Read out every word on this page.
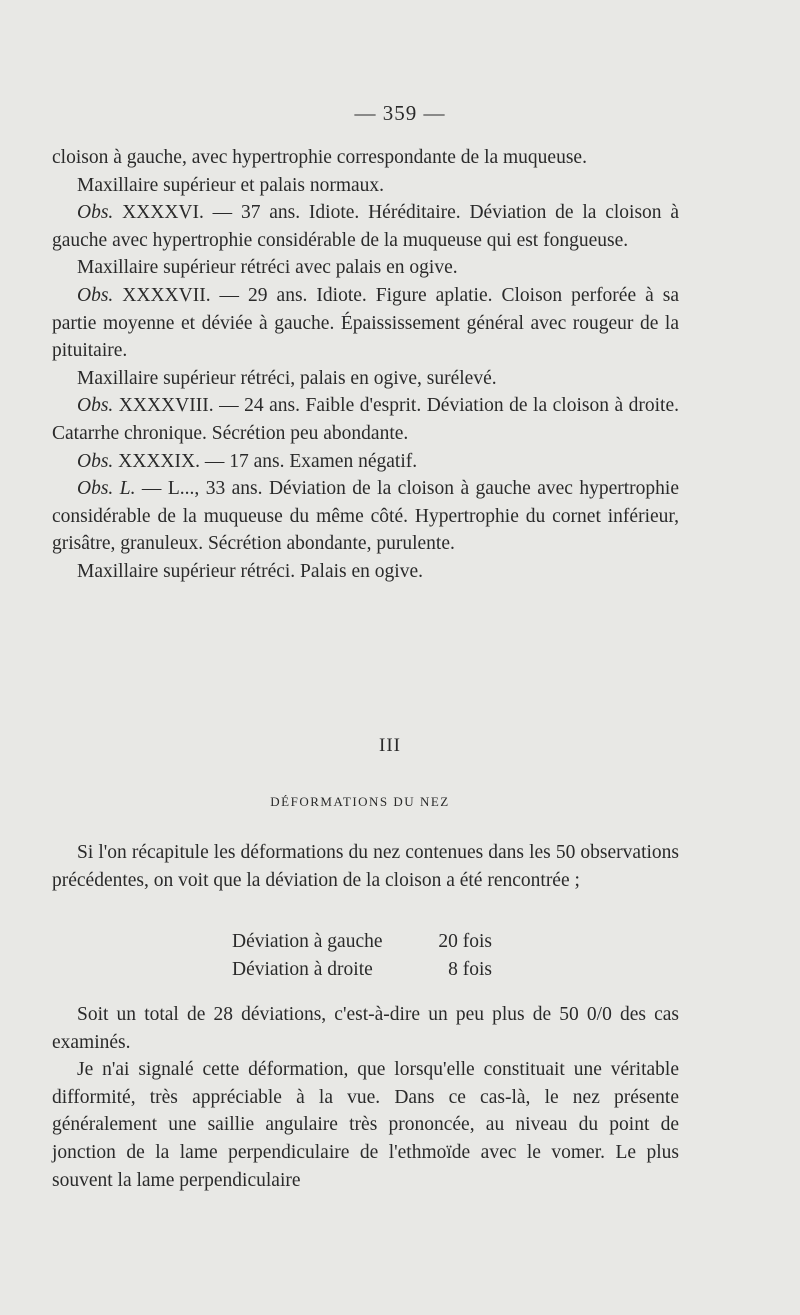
— 359 —

cloison à gauche, avec hypertrophie correspondante de la muqueuse.

Maxillaire supérieur et palais normaux.

Obs. XXXXVI. — 37 ans. Idiote. Héréditaire. Déviation de la cloison à gauche avec hypertrophie considérable de la muqueuse qui est fongueuse.

Maxillaire supérieur rétréci avec palais en ogive.

Obs. XXXXVII. — 29 ans. Idiote. Figure aplatie. Cloison perforée à sa partie moyenne et déviée à gauche. Épaississement général avec rougeur de la pituitaire.

Maxillaire supérieur rétréci, palais en ogive, surélevé.

Obs. XXXXVIII. — 24 ans. Faible d'esprit. Déviation de la cloison à droite. Catarrhe chronique. Sécrétion peu abondante.

Obs. XXXXIX. — 17 ans. Examen négatif.

Obs. L. — L..., 33 ans. Déviation de la cloison à gauche avec hypertrophie considérable de la muqueuse du même côté. Hypertrophie du cornet inférieur, grisâtre, granuleux. Sécrétion abondante, purulente.

Maxillaire supérieur rétréci. Palais en ogive.

III
DÉFORMATIONS DU NEZ

Si l'on récapitule les déformations du nez contenues dans les 50 observations précédentes, on voit que la déviation de la cloison a été rencontrée ;

Déviation à gauche	20 fois
Déviation à droite	8 fois

Soit un total de 28 déviations, c'est-à-dire un peu plus de 50 0/0 des cas examinés.

Je n'ai signalé cette déformation, que lorsqu'elle constituait une véritable difformité, très appréciable à la vue. Dans ce cas-là, le nez présente généralement une saillie angulaire très prononcée, au niveau du point de jonction de la lame perpendiculaire de l'ethmoïde avec le vomer. Le plus souvent la lame perpendiculaire
